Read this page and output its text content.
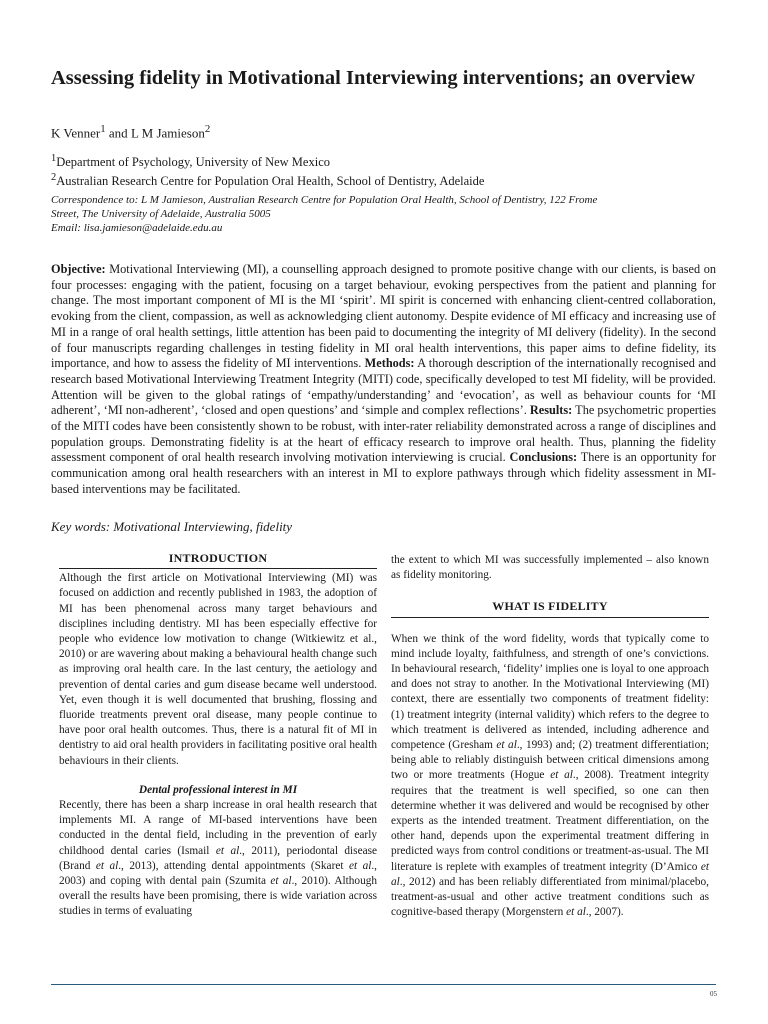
Assessing fidelity in Motivational Interviewing interventions; an overview
K Venner$^1$ and L M Jamieson$^2$
$^1$Department of Psychology, University of New Mexico
$^2$Australian Research Centre for Population Oral Health, School of Dentistry, Adelaide
Correspondence to: L M Jamieson, Australian Research Centre for Population Oral Health, School of Dentistry, 122 Frome
Street, The University of Adelaide, Australia 5005
Email: lisa.jamieson@adelaide.edu.au

Objective: Motivational Interviewing (MI), a counselling approach designed to promote positive change with our clients, is based on four processes: engaging with the patient, focusing on a target behaviour, evoking perspectives from the patient and planning for change. The most important component of MI is the MI ‘spirit’. MI spirit is concerned with enhancing client-centred collaboration, evoking from the client, compassion, as well as acknowledging client autonomy. Despite evidence of MI efficacy and increasing use of MI in a range of oral health settings, little attention has been paid to documenting the integrity of MI delivery (fidelity). In the second of four manuscripts regarding challenges in testing fidelity in MI oral health interventions, this paper aims to define fidelity, its importance, and how to assess the fidelity of MI interventions. Methods: A thorough description of the internationally recognised and research based Motivational Interviewing Treatment Integrity (MITI) code, specifically developed to test MI fidelity, will be provided. Attention will be given to the global ratings of ‘empathy/understanding’ and ‘evocation’, as well as behaviour counts for ‘MI adherent’, ‘MI non-adherent’, ‘closed and open questions’ and ‘simple and complex reflections’. Results: The psychometric properties of the MITI codes have been consistently shown to be robust, with inter-rater reliability demonstrated across a range of disciplines and population groups. Demonstrating fidelity is at the heart of efficacy research to improve oral health. Thus, planning the fidelity assessment component of oral health research involving motivation interviewing is crucial. Conclusions: There is an opportunity for communication among oral health researchers with an interest in MI to explore pathways through which fidelity assessment in MI-based interventions may be facilitated.

Key words: Motivational Interviewing, fidelity
INTRODUCTION

Although the first article on Motivational Interviewing (MI) was focused on addiction and recently published in 1983, the adoption of MI has been phenomenal across many target behaviours and disciplines including dentistry. MI has been especially effective for people who evidence low motivation to change (Witkiewitz et al., 2010) or are wavering about making a behavioural health change such as improving oral health care. In the last century, the aetiology and prevention of dental caries and gum disease became well understood. Yet, even though it is well documented that brushing, flossing and fluoride treatments prevent oral disease, many people continue to have poor oral health outcomes. Thus, there is a natural fit of MI in dentistry to aid oral health providers in facilitating positive oral health behaviours in their clients.

Dental professional interest in MI

Recently, there has been a sharp increase in oral health research that implements MI. A range of MI-based interventions have been conducted in the dental field, including in the prevention of early childhood dental caries (Ismail et al., 2011), periodontal disease (Brand et al., 2013), attending dental appointments (Skaret et al., 2003) and coping with dental pain (Szumita et al., 2010). Although overall the results have been promising, there is wide variation across studies in terms of evaluating

the extent to which MI was successfully implemented – also known as fidelity monitoring.

WHAT IS FIDELITY

When we think of the word fidelity, words that typically come to mind include loyalty, faithfulness, and strength of one’s convictions. In behavioural research, ‘fidelity’ implies one is loyal to one approach and does not stray to another. In the Motivational Interviewing (MI) context, there are essentially two components of treatment fidelity: (1) treatment integrity (internal validity) which refers to the degree to which treatment is delivered as intended, including adherence and competence (Gresham et al., 1993) and; (2) treatment differentiation; being able to reliably distinguish between critical dimensions among two or more treatments (Hogue et al., 2008). Treatment integrity requires that the treatment is well specified, so one can then determine whether it was delivered and would be recognised by other experts as the intended treatment. Treatment differentiation, on the other hand, depends upon the experimental treatment differing in predicted ways from control conditions or treatment-as-usual. The MI literature is replete with examples of treatment integrity (D’Amico et al., 2012) and has been reliably differentiated from minimal/placebo, treatment-as-usual and other active treatment conditions such as cognitive-based therapy (Morgenstern et al., 2007).

05
